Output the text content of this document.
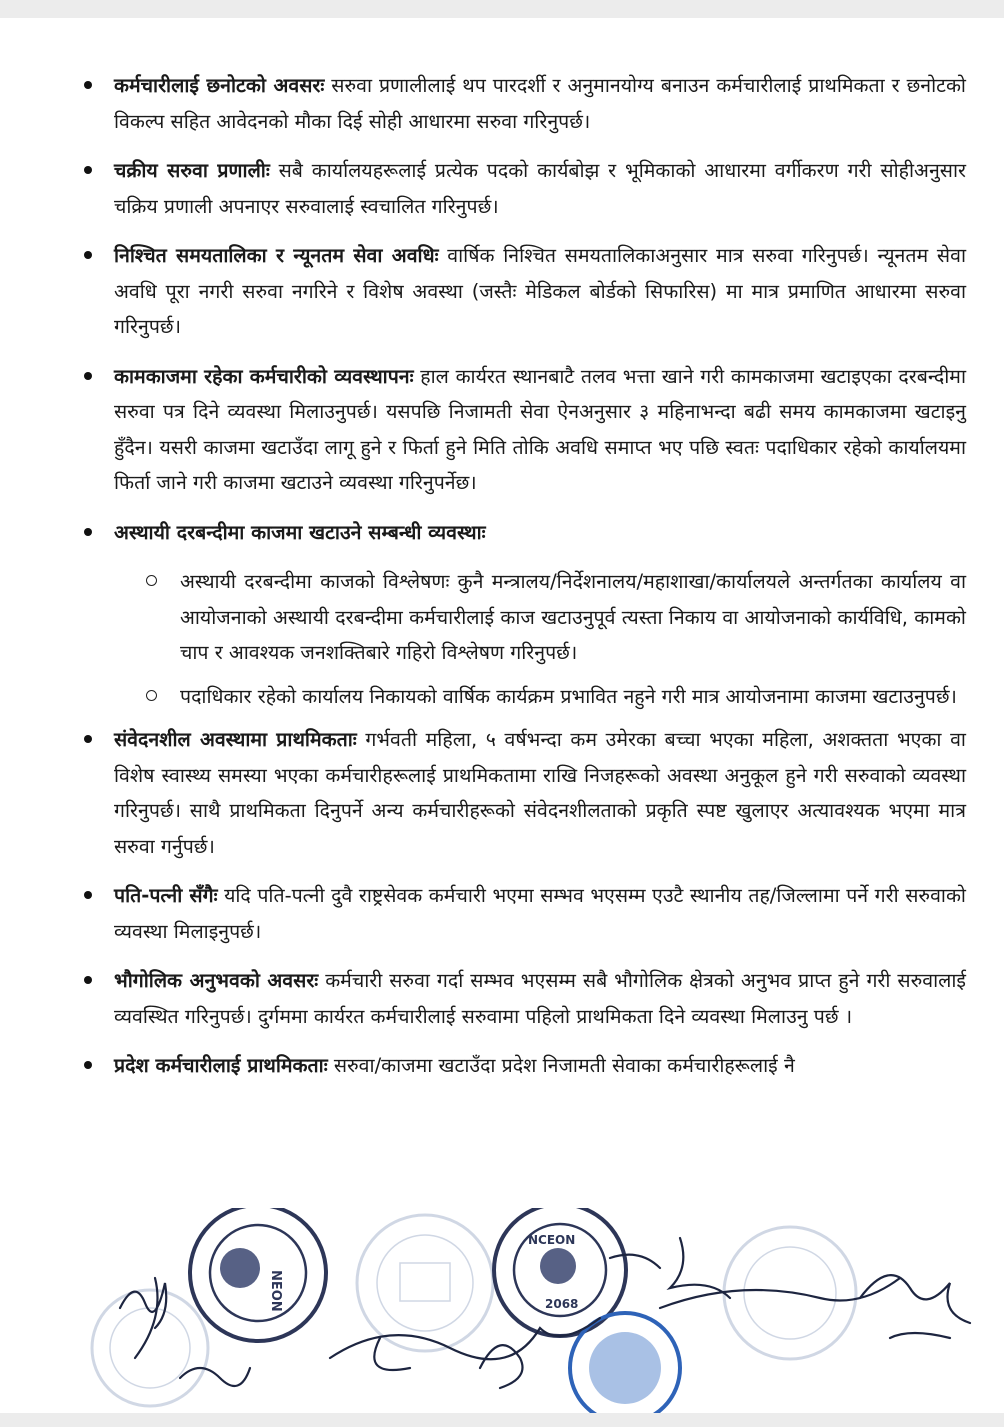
कर्मचारीलाई छनोटको अवसरः सरुवा प्रणालीलाई थप पारदर्शी र अनुमानयोग्य बनाउन कर्मचारीलाई प्राथमिकता र छनोटको विकल्प सहित आवेदनको मौका दिई सोही आधारमा सरुवा गरिनुपर्छ।

चक्रीय सरुवा प्रणालीः सबै कार्यालयहरूलाई प्रत्येक पदको कार्यबोझ र भूमिकाको आधारमा वर्गीकरण गरी सोहीअनुसार चक्रिय प्रणाली अपनाएर सरुवालाई स्वचालित गरिनुपर्छ।

निश्चित समयतालिका र न्यूनतम सेवा अवधिः वार्षिक निश्चित समयतालिकाअनुसार मात्र सरुवा गरिनुपर्छ। न्यूनतम सेवा अवधि पूरा नगरी सरुवा नगरिने र विशेष अवस्था (जस्तैः मेडिकल बोर्डको सिफारिस) मा मात्र प्रमाणित आधारमा सरुवा गरिनुपर्छ।

कामकाजमा रहेका कर्मचारीको व्यवस्थापनः हाल कार्यरत स्थानबाटै तलव भत्ता खाने गरी कामकाजमा खटाइएका दरबन्दीमा सरुवा पत्र दिने व्यवस्था मिलाउनुपर्छ। यसपछि निजामती सेवा ऐनअनुसार ३ महिनाभन्दा बढी समय कामकाजमा खटाइनु हुँदैन। यसरी काजमा खटाउँदा लागू हुने र फिर्ता हुने मिति तोकि अवधि समाप्त भए पछि स्वतः पदाधिकार रहेको कार्यालयमा फिर्ता जाने गरी काजमा खटाउने व्यवस्था गरिनुपर्नेछ।

अस्थायी दरबन्दीमा काजमा खटाउने सम्बन्धी व्यवस्थाः

अस्थायी दरबन्दीमा काजको विश्लेषणः कुनै मन्त्रालय/निर्देशनालय/महाशाखा/कार्यालयले अन्तर्गतका कार्यालय वा आयोजनाको अस्थायी दरबन्दीमा कर्मचारीलाई काज खटाउनुपूर्व त्यस्ता निकाय वा आयोजनाको कार्यविधि, कामको चाप र आवश्यक जनशक्तिबारे गहिरो विश्लेषण गरिनुपर्छ।

पदाधिकार रहेको कार्यालय निकायको वार्षिक कार्यक्रम प्रभावित नहुने गरी मात्र आयोजनामा काजमा खटाउनुपर्छ।

संवेदनशील अवस्थामा प्राथमिकताः गर्भवती महिला, ५ वर्षभन्दा कम उमेरका बच्चा भएका महिला, अशक्तता भएका वा विशेष स्वास्थ्य समस्या भएका कर्मचारीहरूलाई प्राथमिकतामा राखि निजहरूको अवस्था अनुकूल हुने गरी सरुवाको व्यवस्था गरिनुपर्छ। साथै प्राथमिकता दिनुपर्ने अन्य कर्मचारीहरूको संवेदनशीलताको प्रकृति स्पष्ट खुलाएर अत्यावश्यक भएमा मात्र सरुवा गर्नुपर्छ।

पति-पत्नी सँगैः यदि पति-पत्नी दुवै राष्ट्रसेवक कर्मचारी भएमा सम्भव भएसम्म एउटै स्थानीय तह/जिल्लामा पर्ने गरी सरुवाको व्यवस्था मिलाइनुपर्छ।

भौगोलिक अनुभवको अवसरः कर्मचारी सरुवा गर्दा सम्भव भएसम्म सबै भौगोलिक क्षेत्रको अनुभव प्राप्त हुने गरी सरुवालाई व्यवस्थित गरिनुपर्छ। दुर्गममा कार्यरत कर्मचारीलाई सरुवामा पहिलो प्राथमिकता दिने व्यवस्था मिलाउनु पर्छ ।

प्रदेश कर्मचारीलाई प्राथमिकताः सरुवा/काजमा खटाउँदा प्रदेश निजामती सेवाका कर्मचारीहरूलाई नै

NEON
NCEON
2068
